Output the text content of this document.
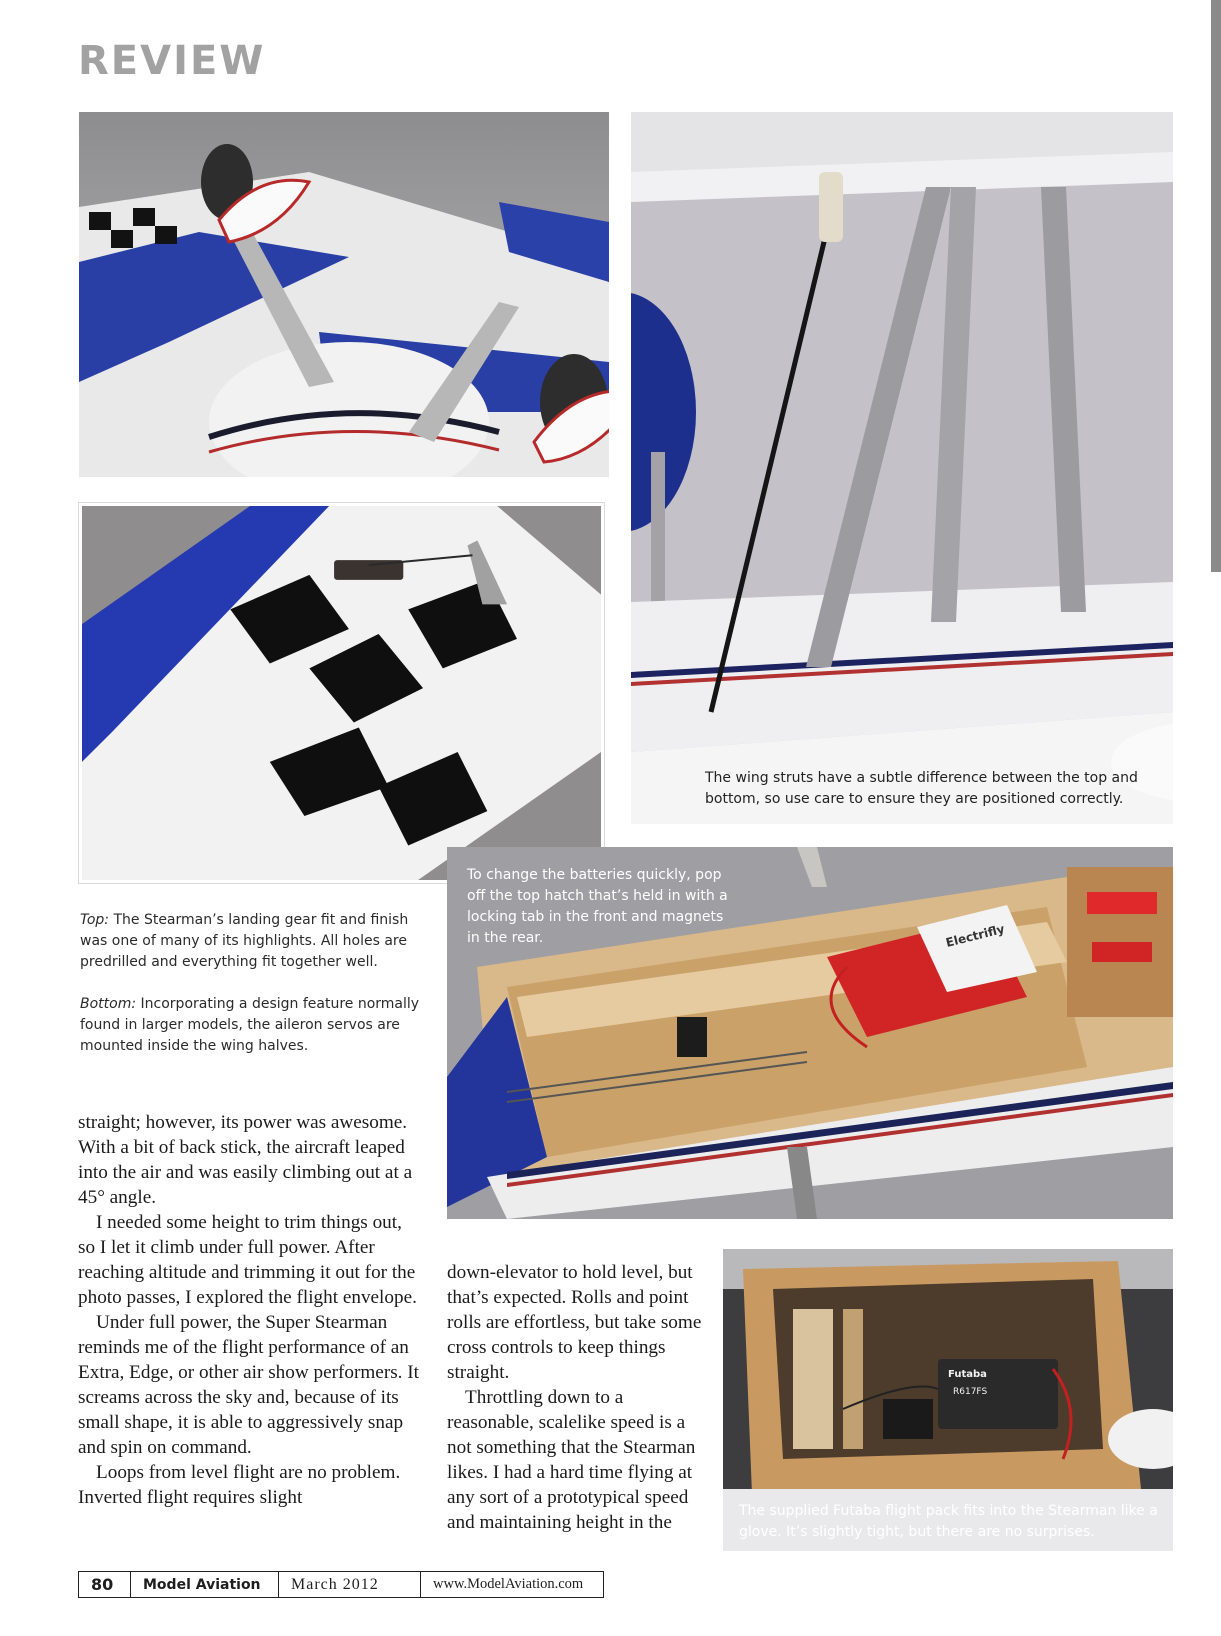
REVIEW
The wing struts have a subtle difference between the top and bottom, so use care to ensure they are positioned correctly.
Electrifly
To change the batteries quickly, pop off the top hatch that’s held in with a locking tab in the front and magnets in the rear.
Futaba
R617FS
The supplied Futaba flight pack fits into the Stearman like a glove. It’s slightly tight, but there are no surprises.
Top: The Stearman’s landing gear fit and finish was one of many of its highlights. All holes are predrilled and everything fit together well.
Bottom: Incorporating a design feature normally found in larger models, the aileron servos are mounted inside the wing halves.

straight; however, its power was awesome. With a bit of back stick, the aircraft leaped into the air and was easily climbing out at a 45° angle.

I needed some height to trim things out, so I let it climb under full power. After reaching altitude and trimming it out for the photo passes, I explored the flight envelope.

Under full power, the Super Stearman reminds me of the flight performance of an Extra, Edge, or other air show performers. It screams across the sky and, because of its small shape, it is able to aggressively snap and spin on command.

Loops from level flight are no problem. Inverted flight requires slight

down-elevator to hold level, but that’s expected. Rolls and point rolls are effortless, but take some cross controls to keep things straight.

Throttling down to a reasonable, scalelike speed is a not something that the Stearman likes. I had a hard time flying at any sort of a prototypical speed and maintaining height in the

80	Model Aviation	March 2012	www.ModelAviation.com
